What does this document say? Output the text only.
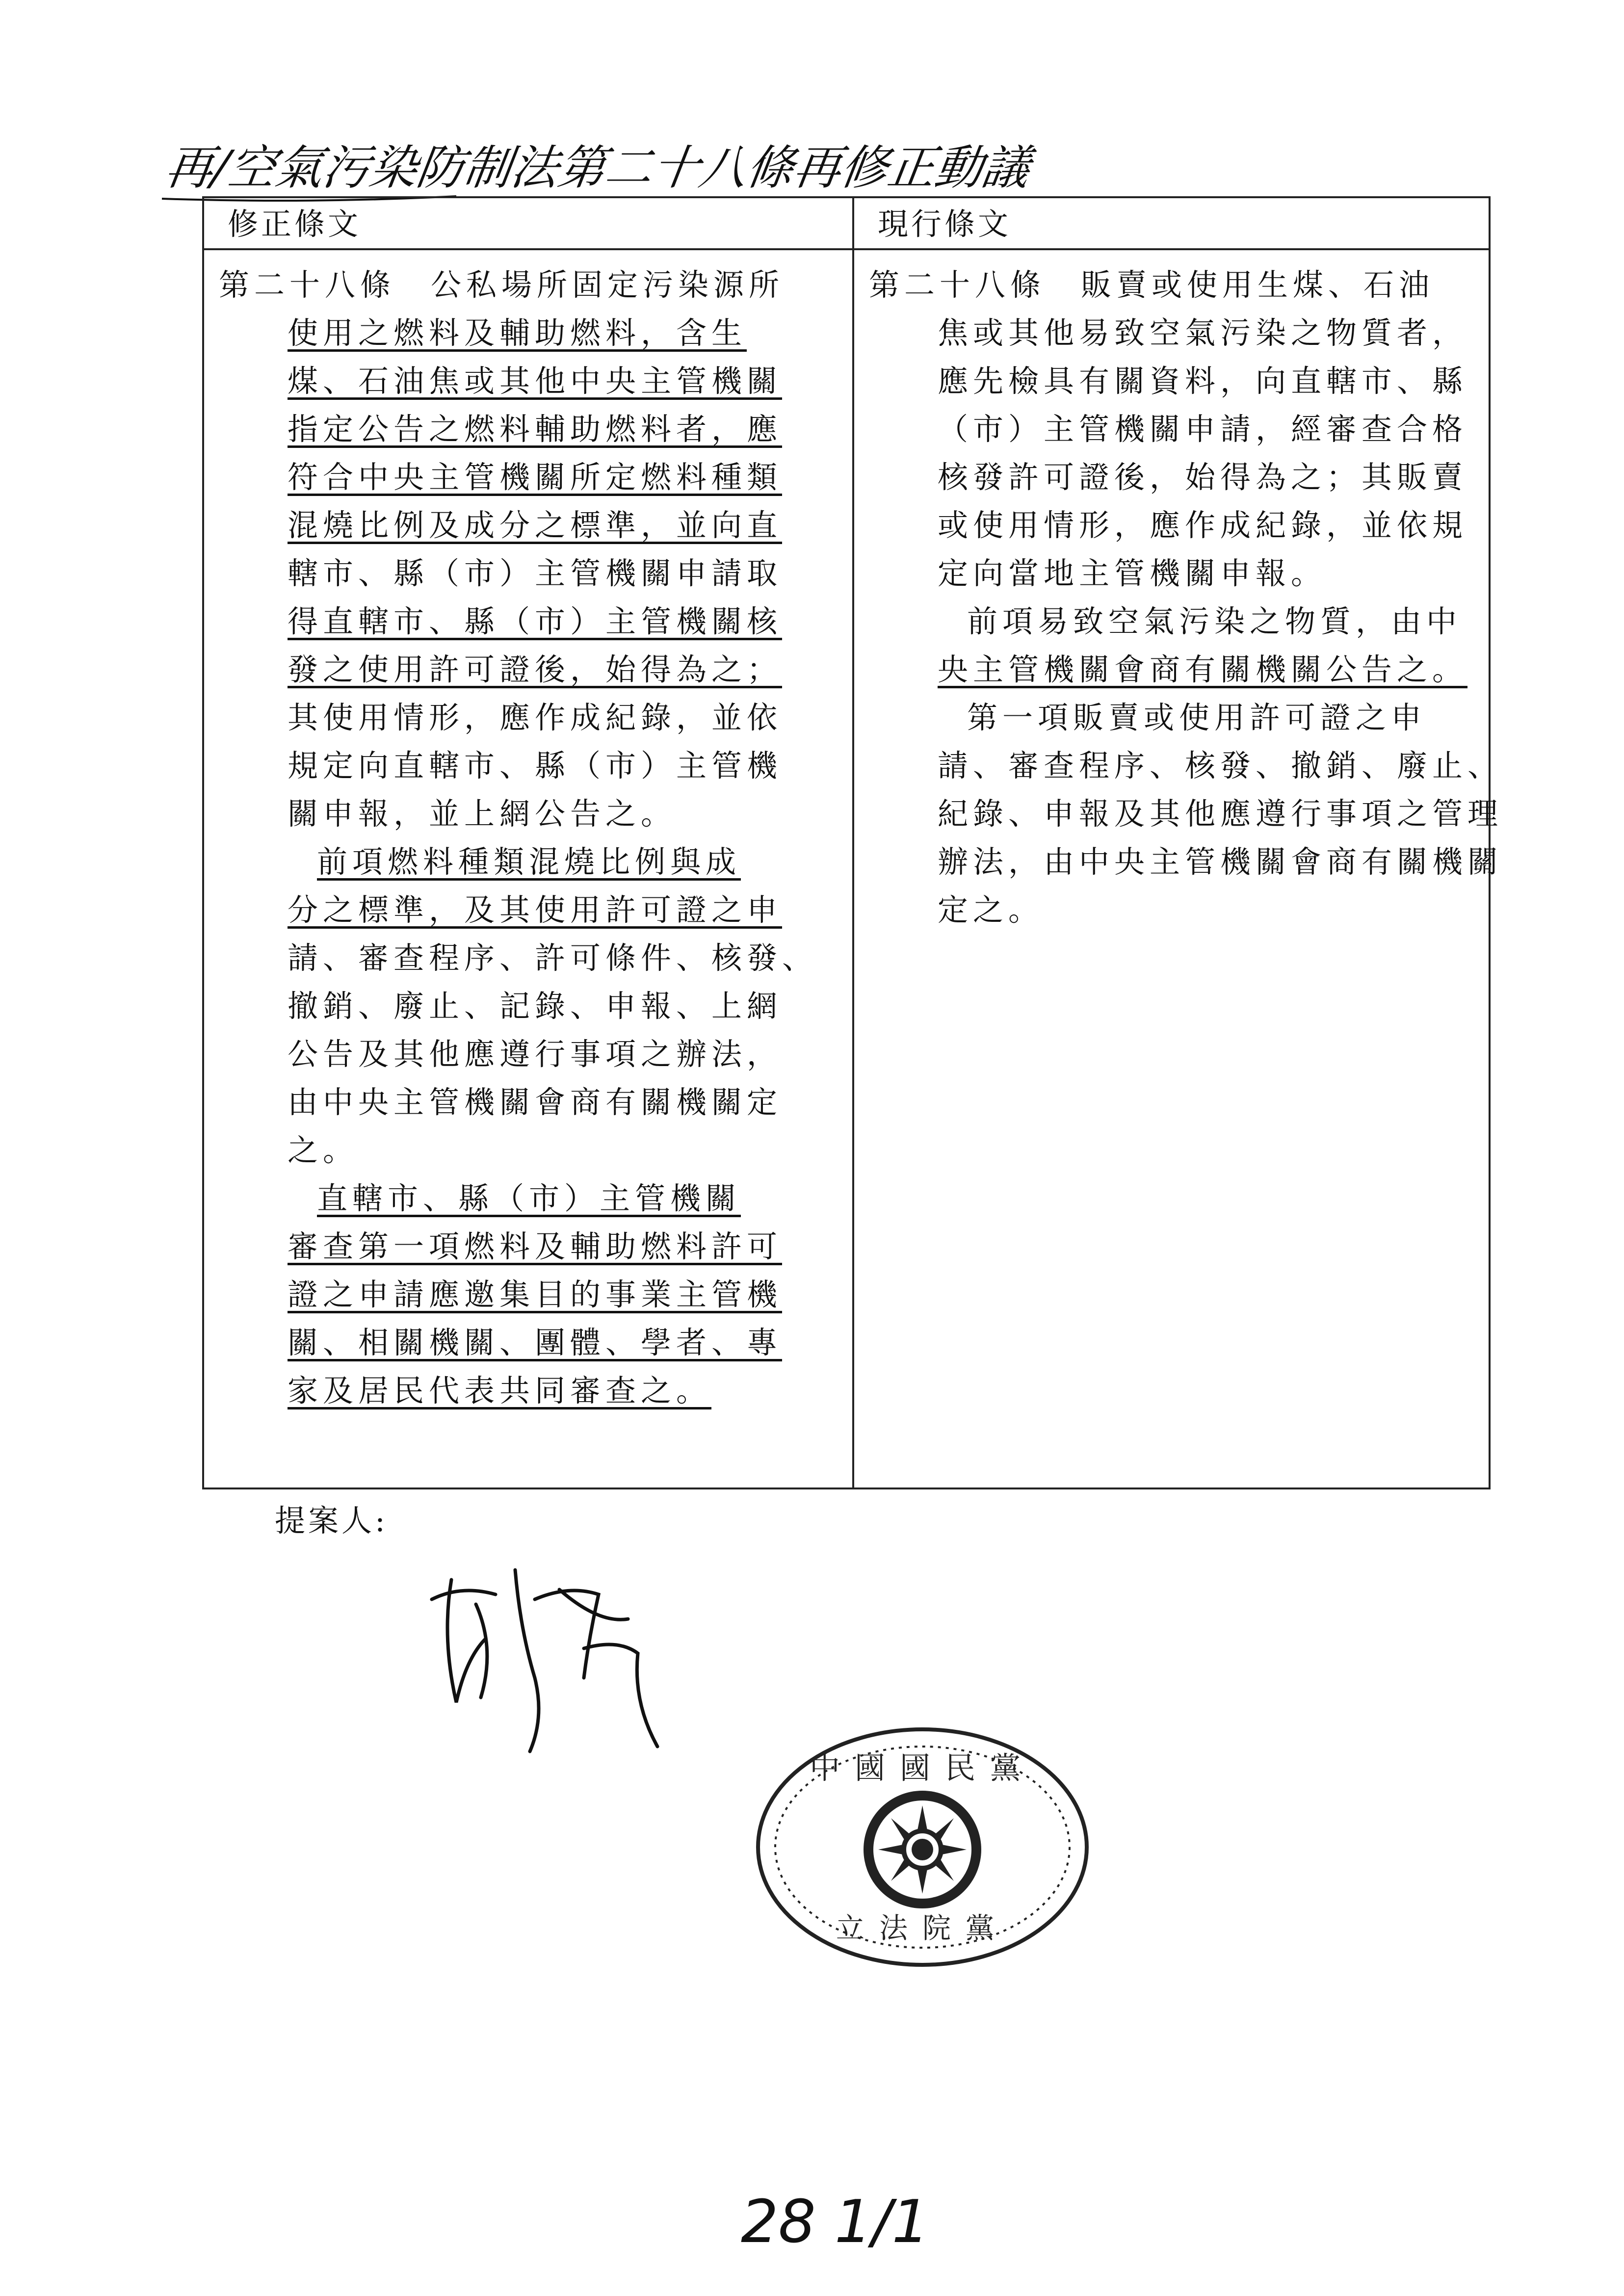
再/空氣污染防制法第二十八條再修正動議
修正條文

第二十八條　公私場所固定污染源所
使用之燃料及輔助燃料，含生
煤、石油焦或其他中央主管機關
指定公告之燃料輔助燃料者，應
符合中央主管機關所定燃料種類
混燒比例及成分之標準，並向直
轄市、縣（市）主管機關申請取
得直轄市、縣（市）主管機關核
發之使用許可證後，始得為之；
其使用情形，應作成紀錄，並依
規定向直轄市、縣（市）主管機
關申報，並上網公告之。

前項燃料種類混燒比例與成
分之標準，及其使用許可證之申
請、審查程序、許可條件、核發、
撤銷、廢止、記錄、申報、上網
公告及其他應遵行事項之辦法，
由中央主管機關會商有關機關定
之。

直轄市、縣（市）主管機關
審查第一項燃料及輔助燃料許可
證之申請應邀集目的事業主管機
關、相關機關、團體、學者、專
家及居民代表共同審查之。

現行條文

第二十八條　販賣或使用生煤、石油
焦或其他易致空氣污染之物質者，
應先檢具有關資料，向直轄市、縣
（市）主管機關申請，經審查合格
核發許可證後，始得為之；其販賣
或使用情形，應作成紀錄，並依規
定向當地主管機關申報。

前項易致空氣污染之物質，由中
央主管機關會商有關機關公告之。

第一項販賣或使用許可證之申
請、審查程序、核發、撤銷、廢止、
紀錄、申報及其他應遵行事項之管理
辦法，由中央主管機關會商有關機關
定之。

提案人:
中國國民黨
立法院黨
28 1/1
